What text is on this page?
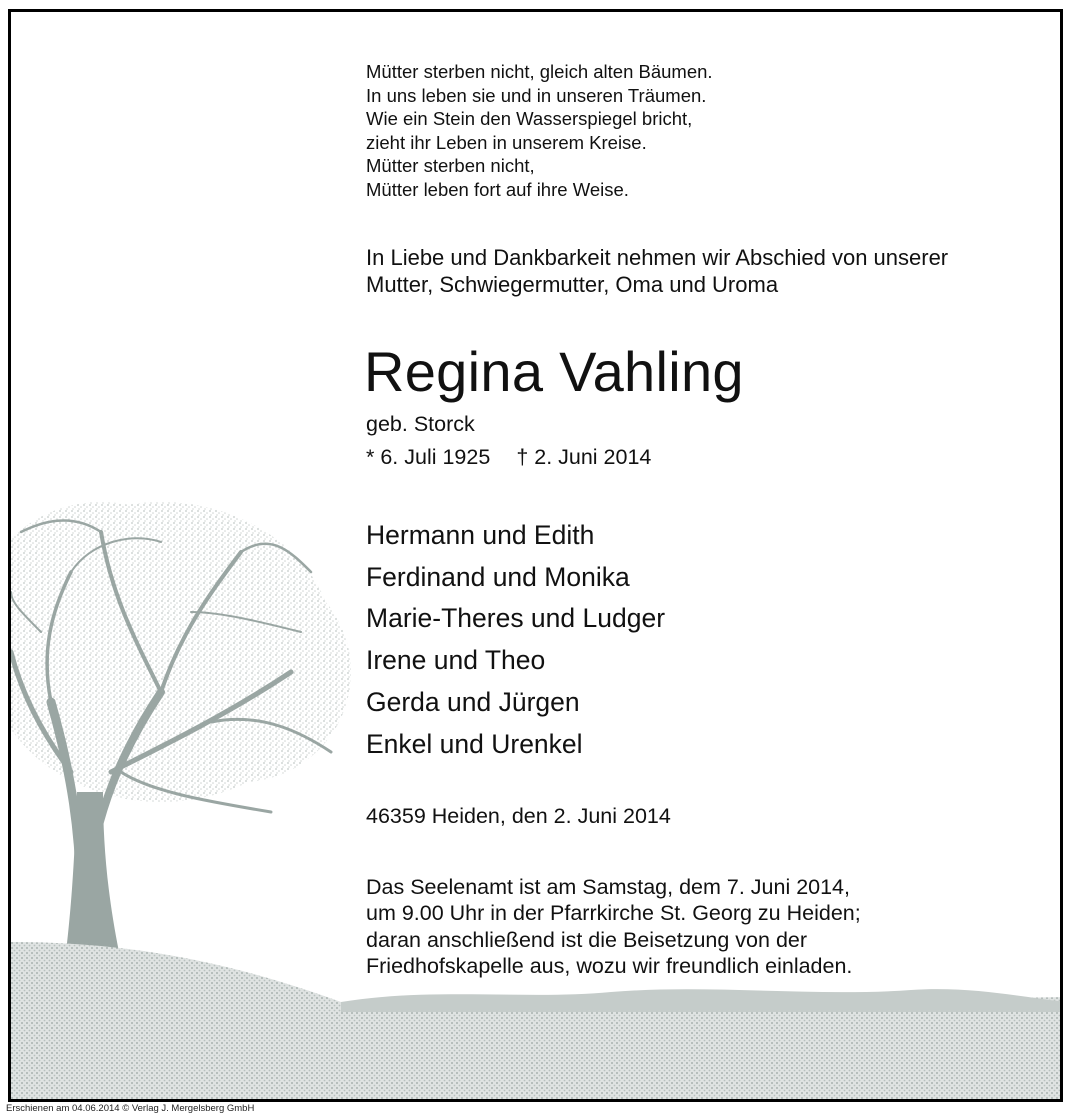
Mütter sterben nicht, gleich alten Bäumen.
In uns leben sie und in unseren Träumen.
Wie ein Stein den Wasserspiegel bricht,
zieht ihr Leben in unserem Kreise.
Mütter sterben nicht,
Mütter leben fort auf ihre Weise.
In Liebe und Dankbarkeit nehmen wir Abschied von unserer
Mutter, Schwiegermutter, Oma und Uroma
Regina Vahling
geb. Storck
* 6. Juli 1925 † 2. Juni 2014
Hermann und Edith
Ferdinand und Monika
Marie-Theres und Ludger
Irene und Theo
Gerda und Jürgen
Enkel und Urenkel
46359 Heiden, den 2. Juni 2014
Das Seelenamt ist am Samstag, dem 7. Juni 2014,
um 9.00 Uhr in der Pfarrkirche St. Georg zu Heiden;
daran anschließend ist die Beisetzung von der
Friedhofskapelle aus, wozu wir freundlich einladen.
Erschienen am 04.06.2014 © Verlag J. Mergelsberg GmbH
